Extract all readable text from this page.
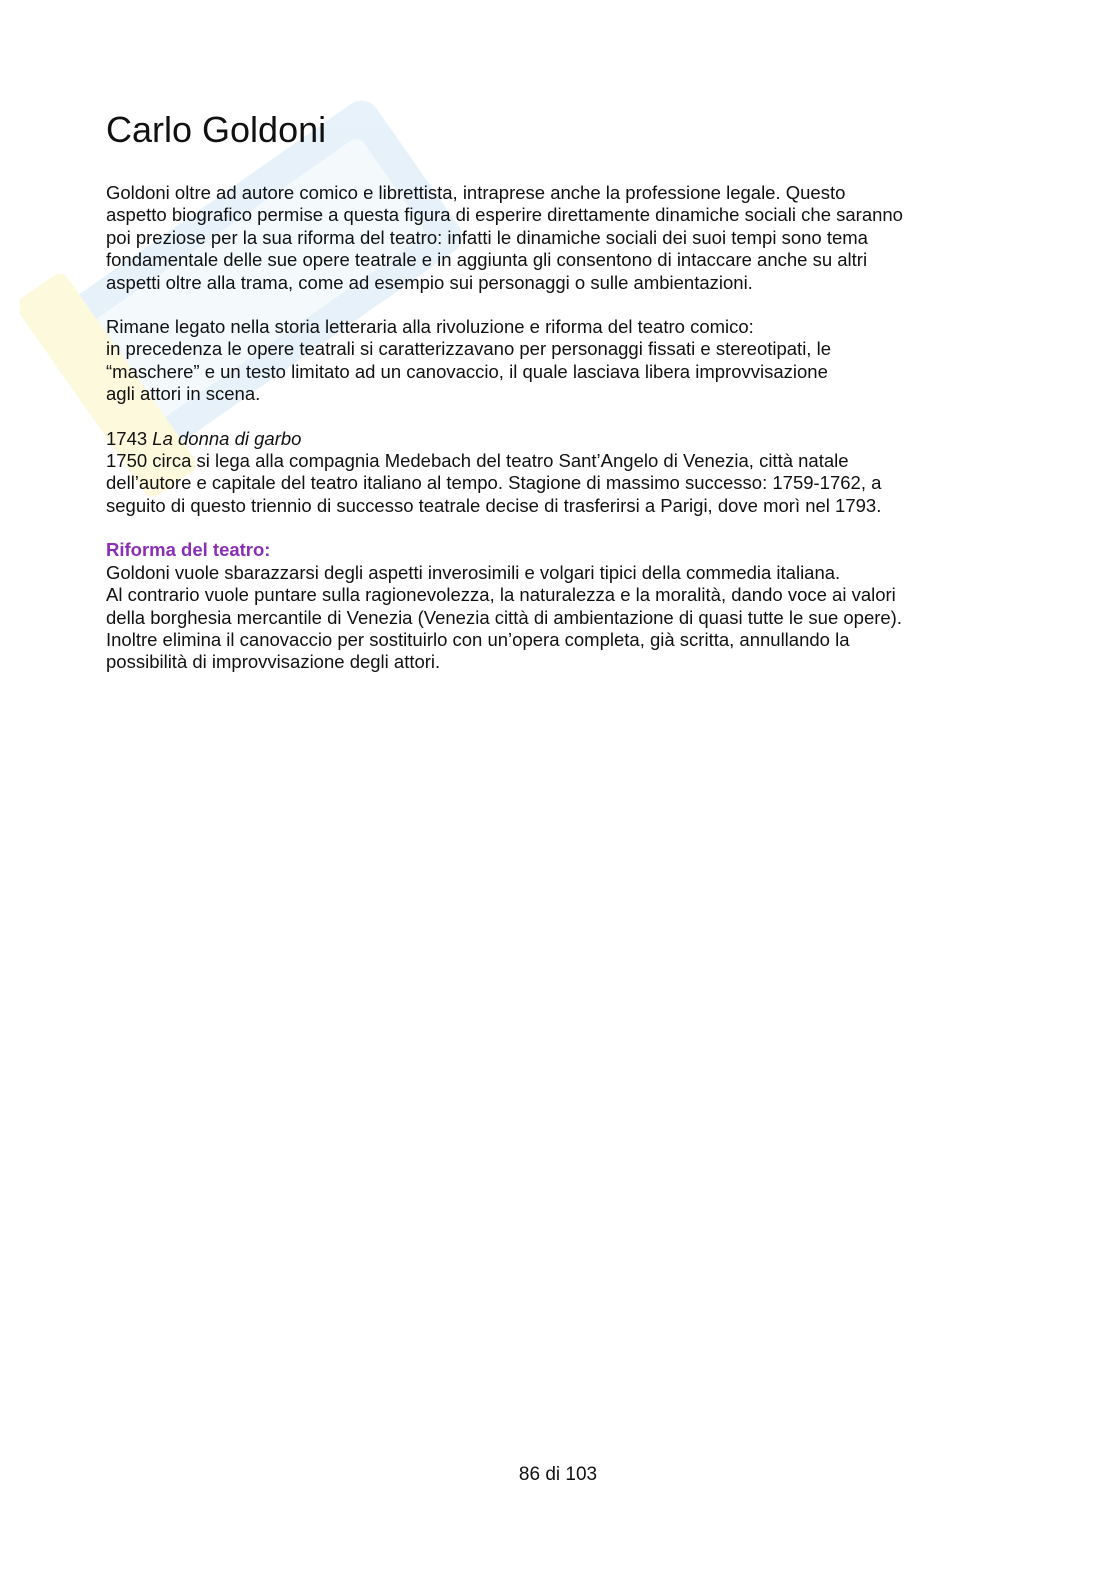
Carlo Goldoni

Goldoni oltre ad autore comico e librettista, intraprese anche la professione legale. Questo
aspetto biografico permise a questa figura di esperire direttamente dinamiche sociali che saranno
poi preziose per la sua riforma del teatro: infatti le dinamiche sociali dei suoi tempi sono tema
fondamentale delle sue opere teatrale e in aggiunta gli consentono di intaccare anche su altri
aspetti oltre alla trama, come ad esempio sui personaggi o sulle ambientazioni.

Rimane legato nella storia letteraria alla rivoluzione e riforma del teatro comico:
in precedenza le opere teatrali si caratterizzavano per personaggi fissati e stereotipati, le
“maschere” e un testo limitato ad un canovaccio, il quale lasciava libera improvvisazione
agli attori in scena.

1743 La donna di garbo
1750 circa si lega alla compagnia Medebach del teatro Sant’Angelo di Venezia, città natale
dell’autore e capitale del teatro italiano al tempo. Stagione di massimo successo: 1759-1762, a
seguito di questo triennio di successo teatrale decise di trasferirsi a Parigi, dove morì nel 1793.

Riforma del teatro:
Goldoni vuole sbarazzarsi degli aspetti inverosimili e volgari tipici della commedia italiana.
Al contrario vuole puntare sulla ragionevolezza, la naturalezza e la moralità, dando voce ai valori
della borghesia mercantile di Venezia (Venezia città di ambientazione di quasi tutte le sue opere).
Inoltre elimina il canovaccio per sostituirlo con un’opera completa, già scritta, annullando la
possibilità di improvvisazione degli attori.

86 di 103
